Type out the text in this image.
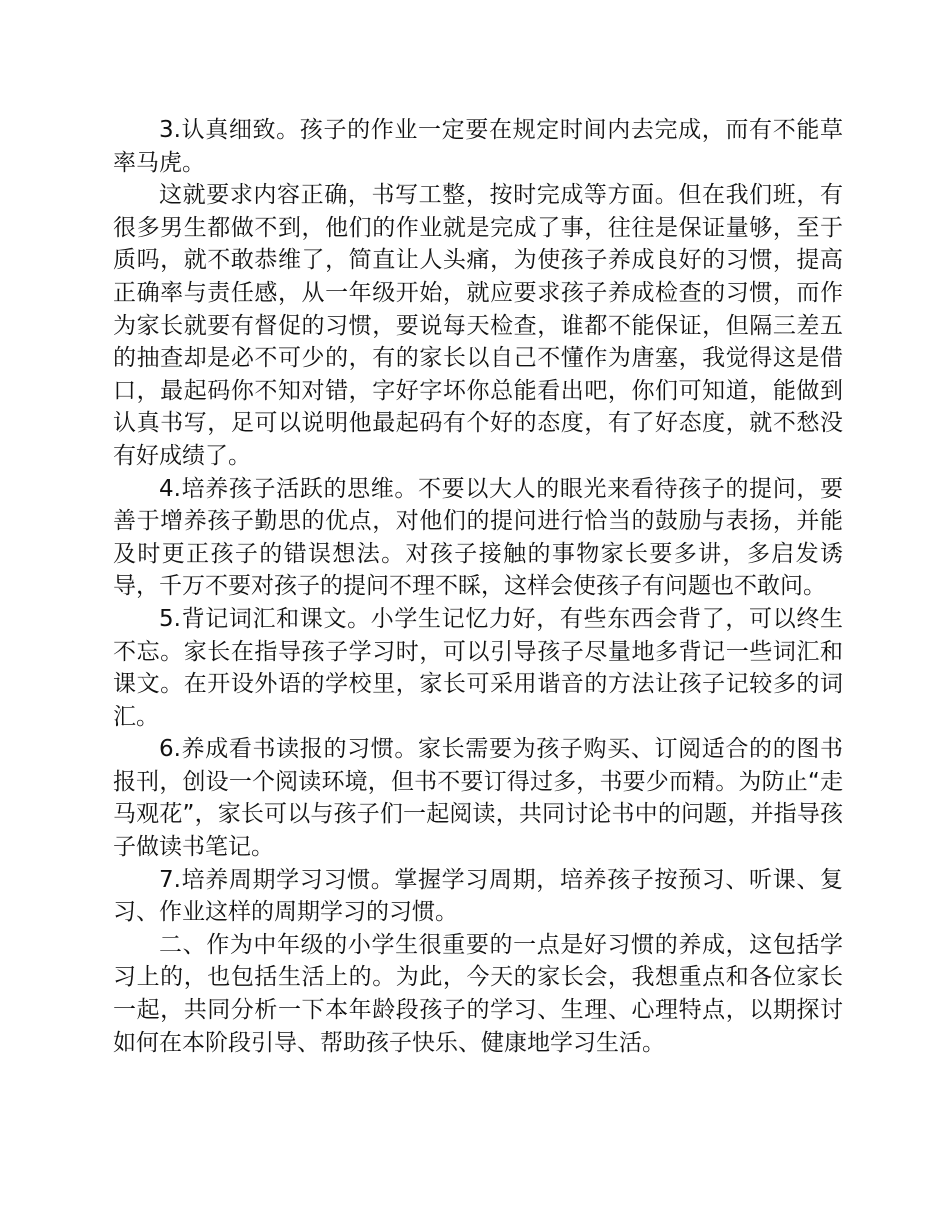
3.认真细致。孩子的作业一定要在规定时间内去完成，而有不能草率马虎。

这就要求内容正确，书写工整，按时完成等方面。但在我们班，有很多男生都做不到，他们的作业就是完成了事，往往是保证量够，至于质吗，就不敢恭维了，简直让人头痛，为使孩子养成良好的习惯，提高正确率与责任感，从一年级开始，就应要求孩子养成检查的习惯，而作为家长就要有督促的习惯，要说每天检查，谁都不能保证，但隔三差五的抽查却是必不可少的，有的家长以自己不懂作为唐塞，我觉得这是借口，最起码你不知对错，字好字坏你总能看出吧，你们可知道，能做到认真书写，足可以说明他最起码有个好的态度，有了好态度，就不愁没有好成绩了。

4.培养孩子活跃的思维。不要以大人的眼光来看待孩子的提问，要善于增养孩子勤思的优点，对他们的提问进行恰当的鼓励与表扬，并能及时更正孩子的错误想法。对孩子接触的事物家长要多讲，多启发诱导，千万不要对孩子的提问不理不睬，这样会使孩子有问题也不敢问。

5.背记词汇和课文。小学生记忆力好，有些东西会背了，可以终生不忘。家长在指导孩子学习时，可以引导孩子尽量地多背记一些词汇和课文。在开设外语的学校里，家长可采用谐音的方法让孩子记较多的词汇。

6.养成看书读报的习惯。家长需要为孩子购买、订阅适合的的图书报刊，创设一个阅读环境，但书不要订得过多，书要少而精。为防止“走马观花”，家长可以与孩子们一起阅读，共同讨论书中的问题，并指导孩子做读书笔记。

7.培养周期学习习惯。掌握学习周期，培养孩子按预习、听课、复习、作业这样的周期学习的习惯。

二、作为中年级的小学生很重要的一点是好习惯的养成，这包括学习上的，也包括生活上的。为此，今天的家长会，我想重点和各位家长一起，共同分析一下本年龄段孩子的学习、生理、心理特点，以期探讨如何在本阶段引导、帮助孩子快乐、健康地学习生活。
